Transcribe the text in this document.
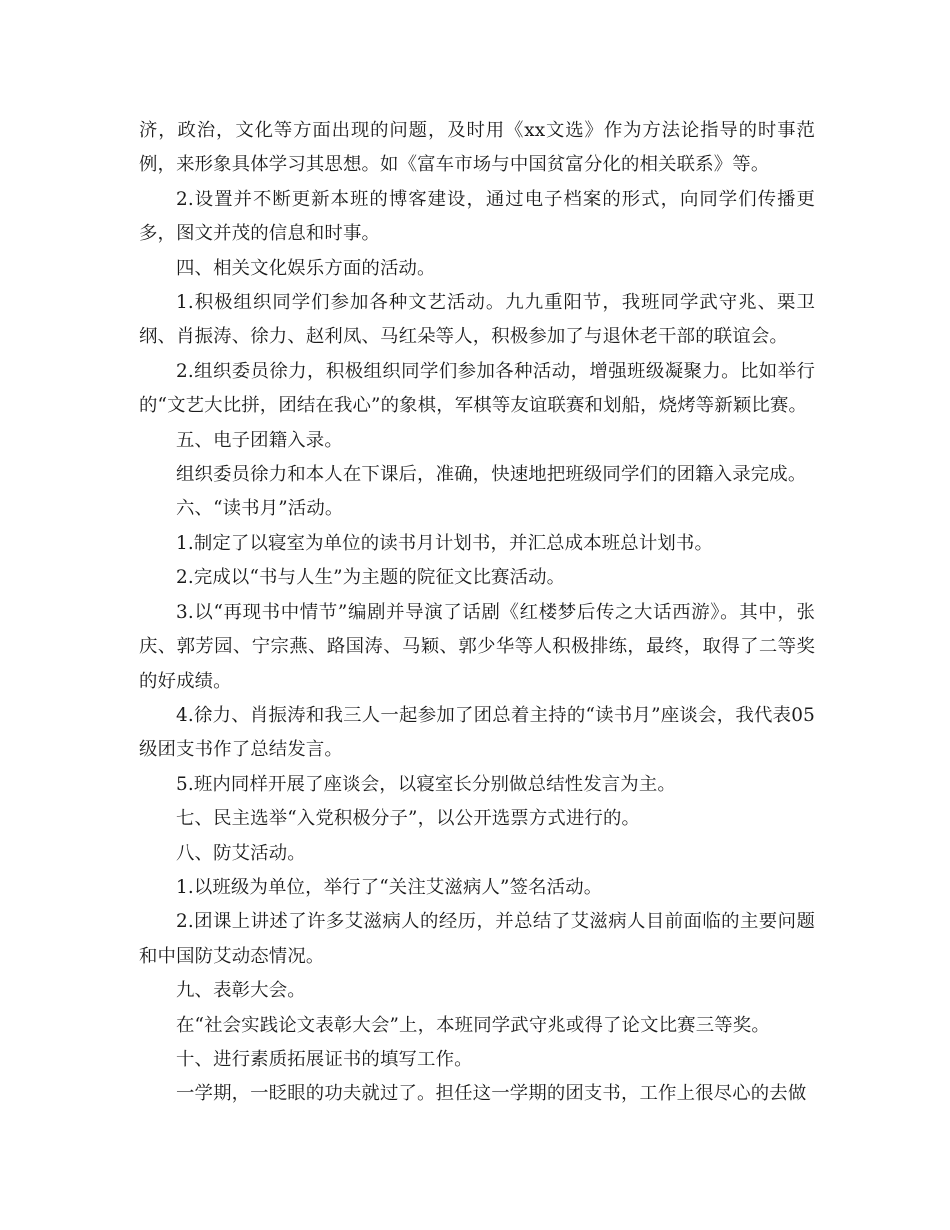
济，政治，文化等方面出现的问题，及时用《xx文选》作为方法论指导的时事范例，来形象具体学习其思想。如《富车市场与中国贫富分化的相关联系》等。

2.设置并不断更新本班的博客建设，通过电子档案的形式，向同学们传播更多，图文并茂的信息和时事。

四、相关文化娱乐方面的活动。

1.积极组织同学们参加各种文艺活动。九九重阳节，我班同学武守兆、栗卫纲、肖振涛、徐力、赵利凤、马红朵等人，积极参加了与退休老干部的联谊会。

2.组织委员徐力，积极组织同学们参加各种活动，增强班级凝聚力。比如举行的“文艺大比拼，团结在我心”的象棋，军棋等友谊联赛和划船，烧烤等新颖比赛。

五、电子团籍入录。

组织委员徐力和本人在下课后，准确，快速地把班级同学们的团籍入录完成。

六、“读书月”活动。

1.制定了以寝室为单位的读书月计划书，并汇总成本班总计划书。

2.完成以“书与人生”为主题的院征文比赛活动。

3.以“再现书中情节”编剧并导演了话剧《红楼梦后传之大话西游》。其中，张庆、郭芳园、宁宗燕、路国涛、马颖、郭少华等人积极排练，最终，取得了二等奖的好成绩。

4.徐力、肖振涛和我三人一起参加了团总着主持的“读书月”座谈会，我代表05级团支书作了总结发言。

5.班内同样开展了座谈会，以寝室长分别做总结性发言为主。

七、民主选举“入党积极分子”，以公开选票方式进行的。

八、防艾活动。

1.以班级为单位，举行了“关注艾滋病人”签名活动。

2.团课上讲述了许多艾滋病人的经历，并总结了艾滋病人目前面临的主要问题和中国防艾动态情况。

九、表彰大会。

在“社会实践论文表彰大会”上，本班同学武守兆或得了论文比赛三等奖。

十、进行素质拓展证书的填写工作。

一学期，一眨眼的功夫就过了。担任这一学期的团支书，工作上很尽心的去做
